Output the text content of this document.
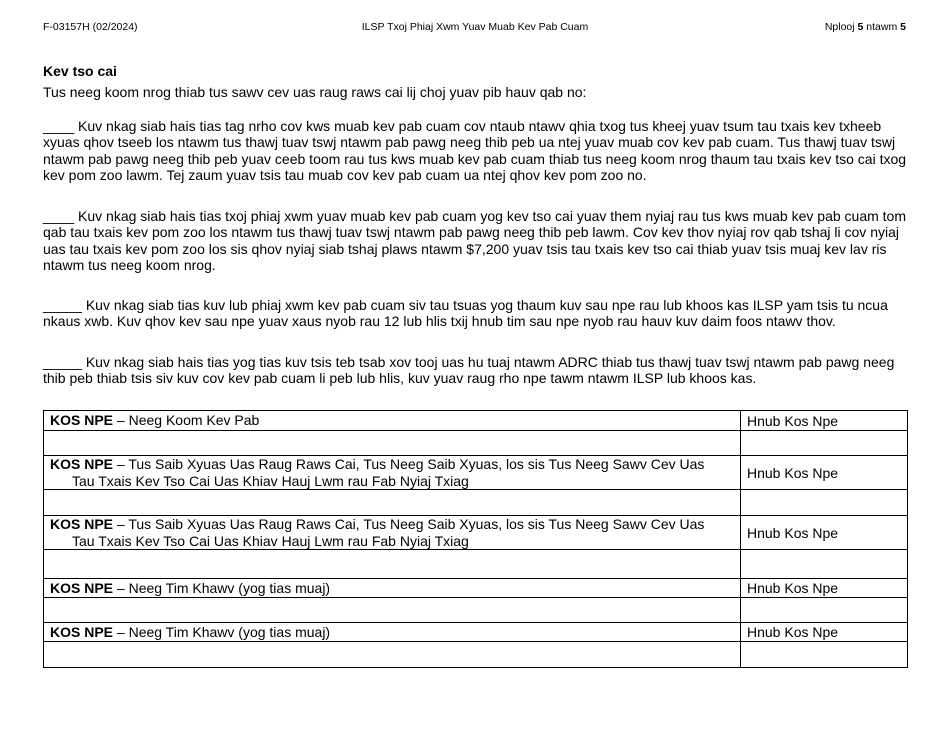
F-03157H (02/2024)	ILSP Txoj Phiaj Xwm Yuav Muab Kev Pab Cuam	Nplooj 5 ntawm 5
Kev tso cai
Tus neeg koom nrog thiab tus sawv cev uas raug raws cai lij choj yuav pib hauv qab no:
____ Kuv nkag siab hais tias tag nrho cov kws muab kev pab cuam cov ntaub ntawv qhia txog tus kheej yuav tsum tau txais kev txheeb xyuas qhov tseeb los ntawm tus thawj tuav tswj ntawm pab pawg neeg thib peb ua ntej yuav muab cov kev pab cuam. Tus thawj tuav tswj ntawm pab pawg neeg thib peb yuav ceeb toom rau tus kws muab kev pab cuam thiab tus neeg koom nrog thaum tau txais kev tso cai txog kev pom zoo lawm. Tej zaum yuav tsis tau muab cov kev pab cuam ua ntej qhov kev pom zoo no.
____ Kuv nkag siab hais tias txoj phiaj xwm yuav muab kev pab cuam yog kev tso cai yuav them nyiaj rau tus kws muab kev pab cuam tom qab tau txais kev pom zoo los ntawm tus thawj tuav tswj ntawm pab pawg neeg thib peb lawm. Cov kev thov nyiaj rov qab tshaj li cov nyiaj uas tau txais kev pom zoo los sis qhov nyiaj siab tshaj plaws ntawm $7,200 yuav tsis tau txais kev tso cai thiab yuav tsis muaj kev lav ris ntawm tus neeg koom nrog.
_____ Kuv nkag siab tias kuv lub phiaj xwm kev pab cuam siv tau tsuas yog thaum kuv sau npe rau lub khoos kas ILSP yam tsis tu ncua nkaus xwb. Kuv qhov kev sau npe yuav xaus nyob rau 12 lub hlis txij hnub tim sau npe nyob rau hauv kuv daim foos ntawv thov.
_____ Kuv nkag siab hais tias yog tias kuv tsis teb tsab xov tooj uas hu tuaj ntawm ADRC thiab tus thawj tuav tswj ntawm pab pawg neeg thib peb thiab tsis siv kuv cov kev pab cuam li peb lub hlis, kuv yuav raug rho npe tawm ntawm ILSP lub khoos kas.
KOS NPE – Neeg Koom Kev Pab	Hnub Kos Npe

KOS NPE – Tus Saib Xyuas Uas Raug Raws Cai, Tus Neeg Saib Xyuas, los sis Tus Neeg Sawv Cev Uas
Tau Txais Kev Tso Cai Uas Khiav Hauj Lwm rau Fab Nyiaj Txiag	Hnub Kos Npe

KOS NPE – Tus Saib Xyuas Uas Raug Raws Cai, Tus Neeg Saib Xyuas, los sis Tus Neeg Sawv Cev Uas
Tau Txais Kev Tso Cai Uas Khiav Hauj Lwm rau Fab Nyiaj Txiag	Hnub Kos Npe

KOS NPE – Neeg Tim Khawv (yog tias muaj)	Hnub Kos Npe

KOS NPE – Neeg Tim Khawv (yog tias muaj)	Hnub Kos Npe
